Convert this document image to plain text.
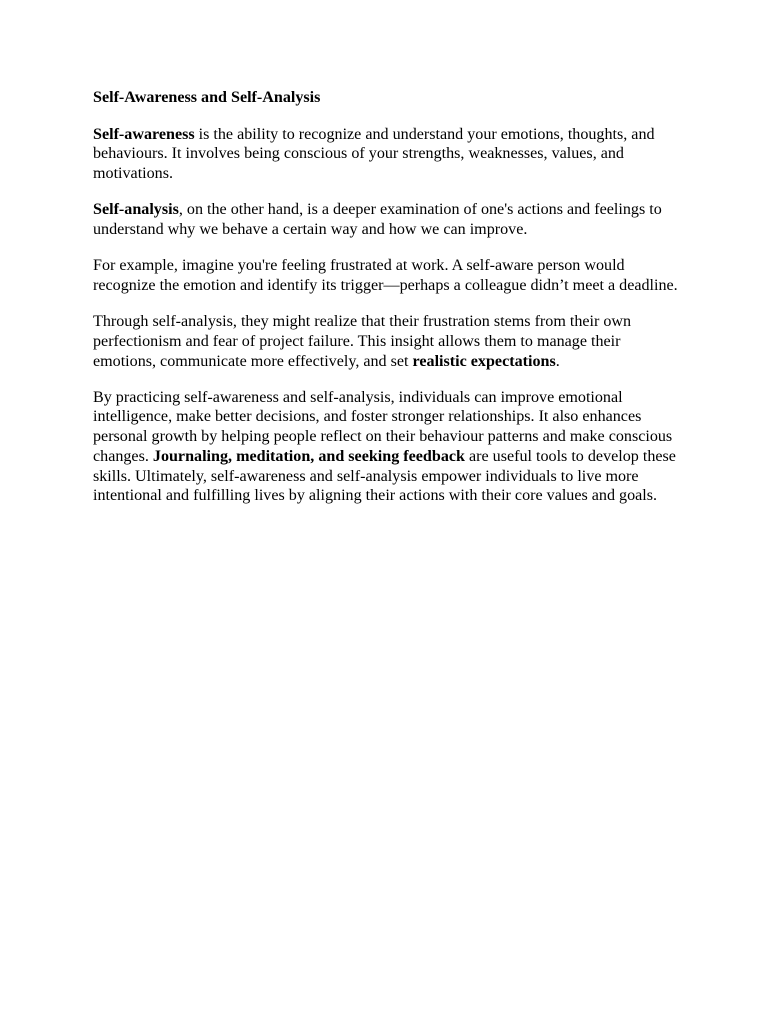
Self-Awareness and Self-Analysis

Self-awareness is the ability to recognize and understand your emotions, thoughts, and behaviours. It involves being conscious of your strengths, weaknesses, values, and motivations.

Self-analysis, on the other hand, is a deeper examination of one's actions and feelings to understand why we behave a certain way and how we can improve.

For example, imagine you're feeling frustrated at work. A self-aware person would recognize the emotion and identify its trigger—perhaps a colleague didn’t meet a deadline.

Through self-analysis, they might realize that their frustration stems from their own perfectionism and fear of project failure. This insight allows them to manage their emotions, communicate more effectively, and set realistic expectations.

By practicing self-awareness and self-analysis, individuals can improve emotional intelligence, make better decisions, and foster stronger relationships. It also enhances personal growth by helping people reflect on their behaviour patterns and make conscious changes. Journaling, meditation, and seeking feedback are useful tools to develop these skills. Ultimately, self-awareness and self-analysis empower individuals to live more intentional and fulfilling lives by aligning their actions with their core values and goals.
